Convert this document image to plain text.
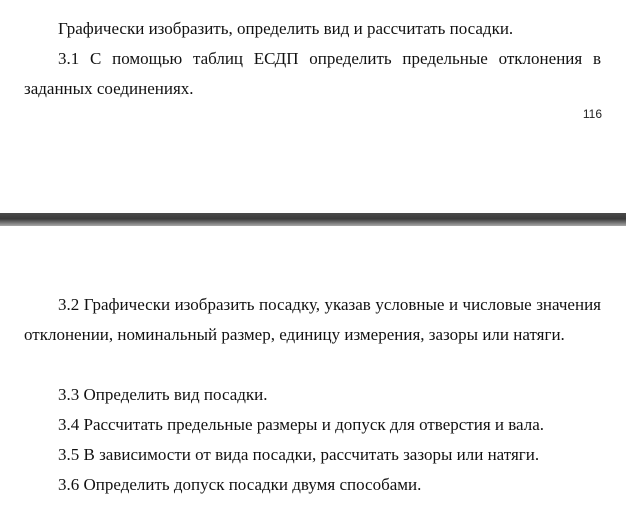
Графически изобразить, определить вид и рассчитать посадки.

3.1 С помощью таблиц ЕСДП определить предельные отклонения в заданных соединениях.

116

3.2 Графически изобразить посадку, указав условные и числовые значения отклонении, номинальный размер, единицу измерения, зазоры или натяги.

3.3 Определить вид посадки.

3.4 Рассчитать предельные размеры и допуск для отверстия и вала.

3.5 В зависимости от вида посадки, рассчитать зазоры или натяги.

3.6 Определить допуск посадки двумя способами.
